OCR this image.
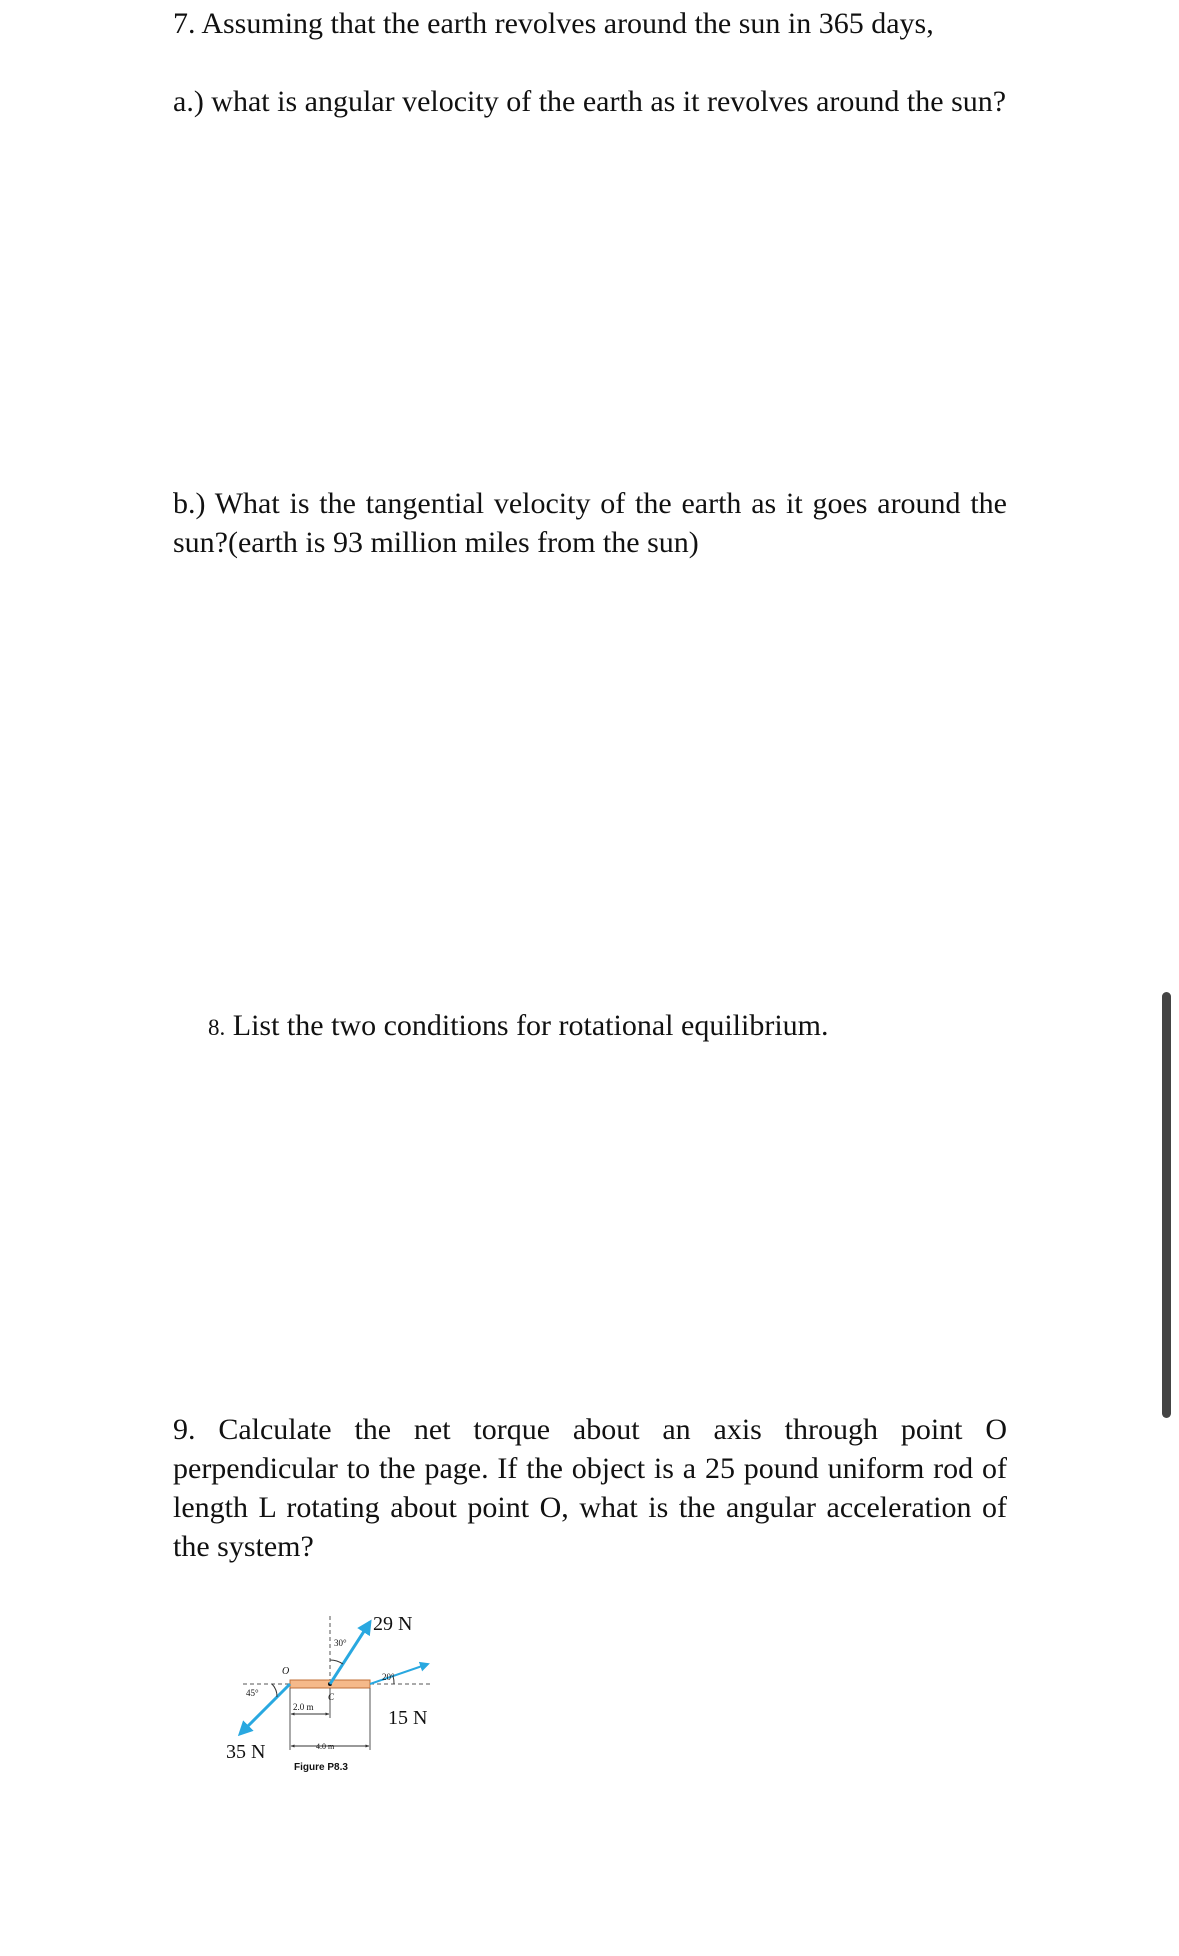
7. Assuming that the earth revolves around the sun in 365 days,

a.) what is angular velocity of the earth as it revolves around the sun?

b.) What is the tangential velocity of the earth as it goes around the sun?(earth is 93 million miles from the sun)

8. List the two conditions for rotational equilibrium.

9. Calculate the net torque about an axis through point O perpendicular to the page. If the object is a 25 pound uniform rod of length L rotating about point O, what is the angular acceleration of the system?

29 N
15 N
35 N
30°
20°
45°
O
C
2.0 m
4.0 m
Figure P8.3
